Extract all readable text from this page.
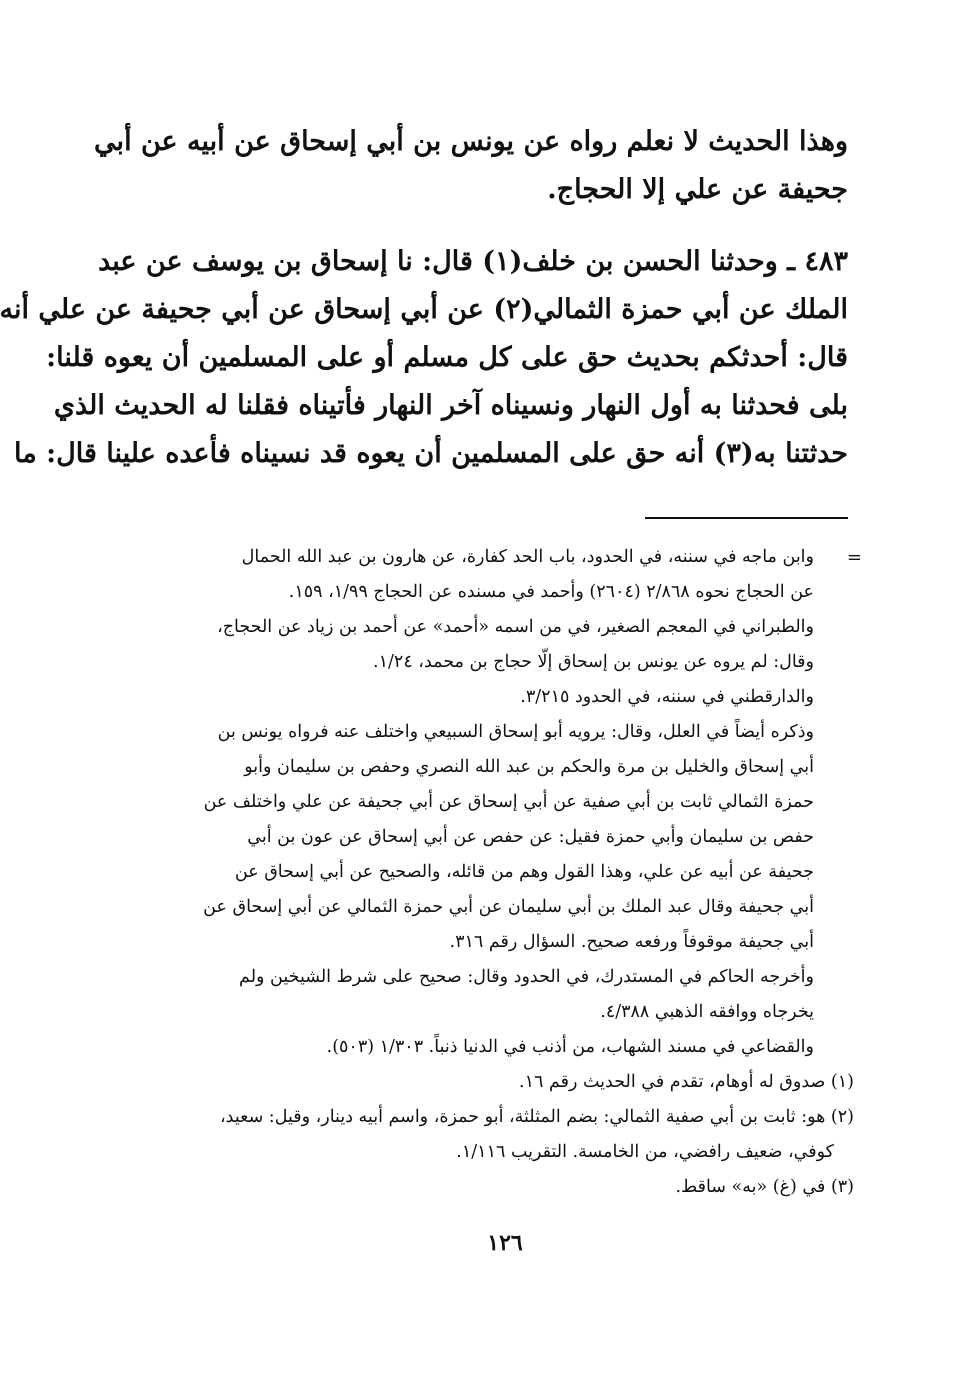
وهذا الحديث لا نعلم رواه عن يونس بن أبي إسحاق عن أبيه عن أبي
جحيفة عن علي إلا الحجاج.
٤٨٣ ـ وحدثنا الحسن بن خلف(١) قال: نا إسحاق بن يوسف عن عبد
الملك عن أبي حمزة الثمالي(٢) عن أبي إسحاق عن أبي جحيفة عن علي أنه
قال: أحدثكم بحديث حق على كل مسلم أو على المسلمين أن يعوه قلنا:
بلى فحدثنا به أول النهار ونسيناه آخر النهار فأتيناه فقلنا له الحديث الذي
حدثتنا به(٣) أنه حق على المسلمين أن يعوه قد نسيناه فأعده علينا قال: ما
=
وابن ماجه في سننه، في الحدود، باب الحد كفارة، عن هارون بن عبد الله الحمال
عن الحجاج نحوه ٢/٨٦٨ (٢٦٠٤) وأحمد في مسنده عن الحجاج ١/٩٩، ١٥٩.
والطبراني في المعجم الصغير، في من اسمه «أحمد» عن أحمد بن زياد عن الحجاج،
وقال: لم يروه عن يونس بن إسحاق إلّا حجاج بن محمد، ١/٢٤.
والدارقطني في سننه، في الحدود ٣/٢١٥.
وذكره أيضاً في العلل، وقال: يرويه أبو إسحاق السبيعي واختلف عنه فرواه يونس بن
أبي إسحاق والخليل بن مرة والحكم بن عبد الله النصري وحفص بن سليمان وأبو
حمزة الثمالي ثابت بن أبي صفية عن أبي إسحاق عن أبي جحيفة عن علي واختلف عن
حفص بن سليمان وأبي حمزة فقيل: عن حفص عن أبي إسحاق عن عون بن أبي
جحيفة عن أبيه عن علي، وهذا القول وهم من قائله، والصحيح عن أبي إسحاق عن
أبي جحيفة وقال عبد الملك بن أبي سليمان عن أبي حمزة الثمالي عن أبي إسحاق عن
أبي جحيفة موقوفاً ورفعه صحيح. السؤال رقم ٣١٦.
وأخرجه الحاكم في المستدرك، في الحدود وقال: صحيح على شرط الشيخين ولم
يخرجاه ووافقه الذهبي ٤/٣٨٨.
والقضاعي في مسند الشهاب، من أذنب في الدنيا ذنباً. ١/٣٠٣ (٥٠٣).
(١) صدوق له أوهام، تقدم في الحديث رقم ١٦.
(٢) هو: ثابت بن أبي صفية الثمالي: بضم المثلثة، أبو حمزة، واسم أبيه دينار، وقيل: سعيد،
كوفي، ضعيف رافضي، من الخامسة. التقريب ١/١١٦.
(٣) في (غ) «به» ساقط.
١٢٦
